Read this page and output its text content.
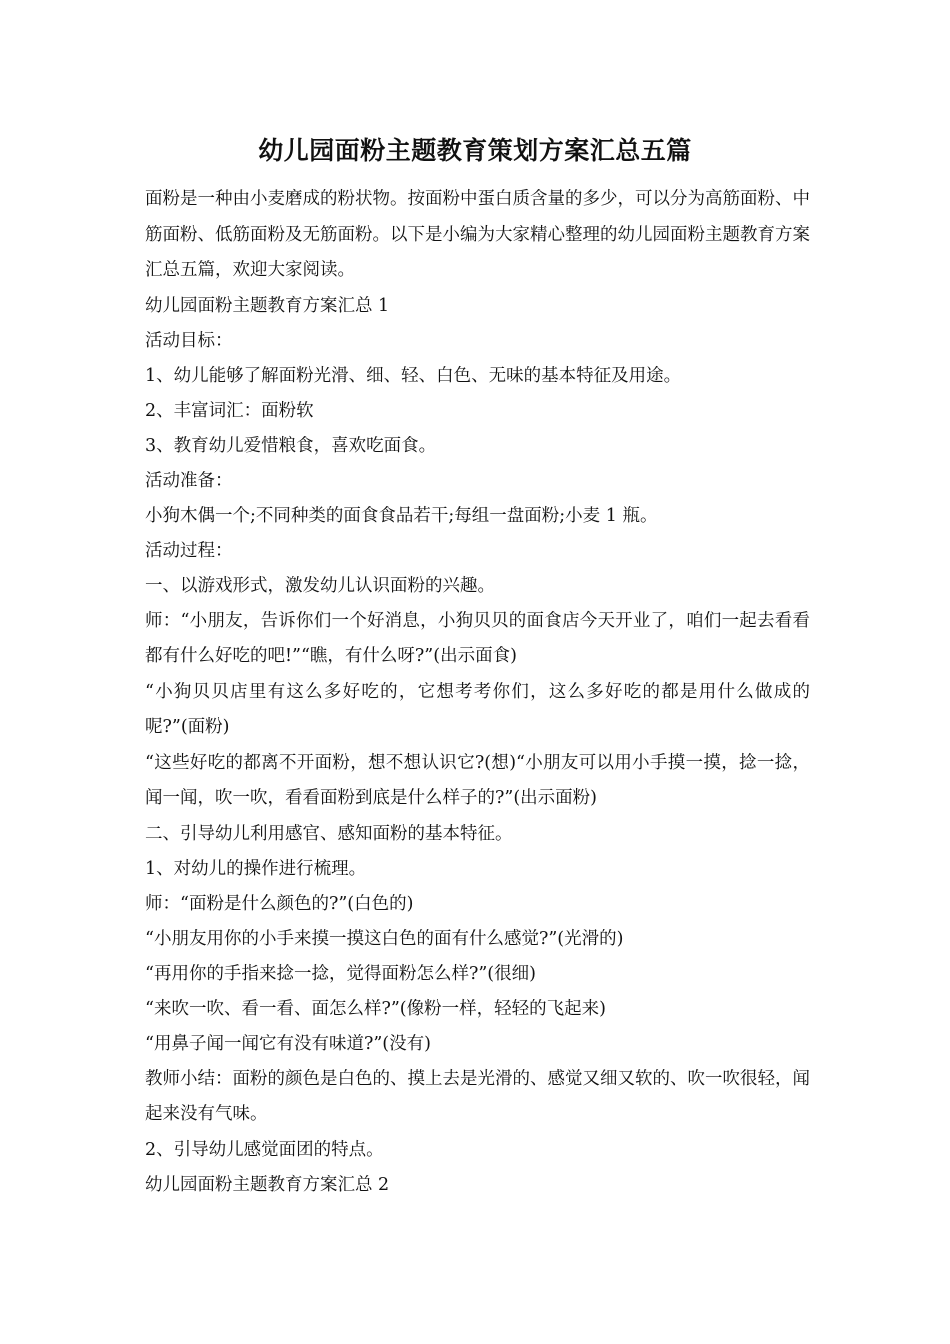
幼儿园面粉主题教育策划方案汇总五篇

面粉是一种由小麦磨成的粉状物。按面粉中蛋白质含量的多少，可以分为高筋面粉、中筋面粉、低筋面粉及无筋面粉。以下是小编为大家精心整理的幼儿园面粉主题教育方案汇总五篇，欢迎大家阅读。

幼儿园面粉主题教育方案汇总 1

活动目标：

1、幼儿能够了解面粉光滑、细、轻、白色、无味的基本特征及用途。

2、丰富词汇：面粉软

3、教育幼儿爱惜粮食，喜欢吃面食。

活动准备：

小狗木偶一个;不同种类的面食食品若干;每组一盘面粉;小麦 1 瓶。

活动过程：

一、以游戏形式，激发幼儿认识面粉的兴趣。

师：“小朋友，告诉你们一个好消息，小狗贝贝的面食店今天开业了，咱们一起去看看都有什么好吃的吧!”“瞧，有什么呀?”(出示面食)

“小狗贝贝店里有这么多好吃的，它想考考你们，这么多好吃的都是用什么做成的呢?”(面粉)

“这些好吃的都离不开面粉，想不想认识它?(想)“小朋友可以用小手摸一摸，捻一捻，闻一闻，吹一吹，看看面粉到底是什么样子的?”(出示面粉)

二、引导幼儿利用感官、感知面粉的基本特征。

1、对幼儿的操作进行梳理。

师：“面粉是什么颜色的?”(白色的)

“小朋友用你的小手来摸一摸这白色的面有什么感觉?”(光滑的)

“再用你的手指来捻一捻，觉得面粉怎么样?”(很细)

“来吹一吹、看一看、面怎么样?”(像粉一样，轻轻的飞起来)

“用鼻子闻一闻它有没有味道?”(没有)

教师小结：面粉的颜色是白色的、摸上去是光滑的、感觉又细又软的、吹一吹很轻，闻起来没有气味。

2、引导幼儿感觉面团的特点。

幼儿园面粉主题教育方案汇总 2
